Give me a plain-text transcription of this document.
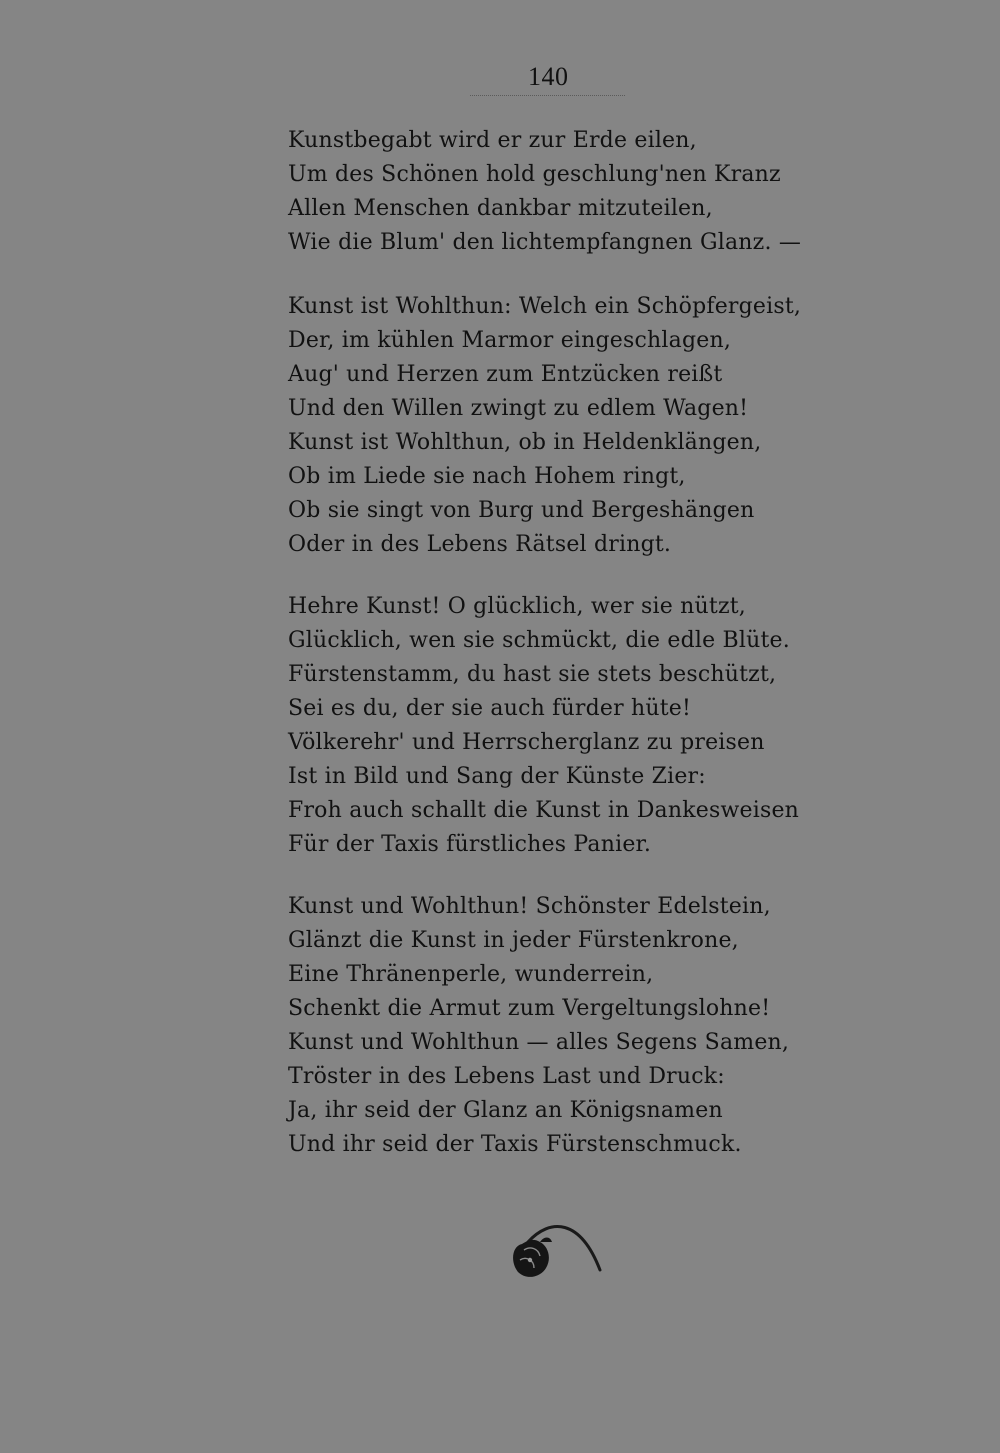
140
Kunstbegabt wird er zur Erde eilen,
Um des Schönen hold geschlung'nen Kranz
Allen Menschen dankbar mitzuteilen,
Wie die Blum' den lichtempfangnen Glanz. —
Kunst ist Wohlthun: Welch ein Schöpfergeist,
Der, im kühlen Marmor eingeschlagen,
Aug' und Herzen zum Entzücken reißt
Und den Willen zwingt zu edlem Wagen!
Kunst ist Wohlthun, ob in Heldenklängen,
Ob im Liede sie nach Hohem ringt,
Ob sie singt von Burg und Bergeshängen
Oder in des Lebens Rätsel dringt.
Hehre Kunst! O glücklich, wer sie nützt,
Glücklich, wen sie schmückt, die edle Blüte.
Fürstenstamm, du hast sie stets beschützt,
Sei es du, der sie auch fürder hüte!
Völkerehr' und Herrscherglanz zu preisen
Ist in Bild und Sang der Künste Zier:
Froh auch schallt die Kunst in Dankesweisen
Für der Taxis fürstliches Panier.
Kunst und Wohlthun! Schönster Edelstein,
Glänzt die Kunst in jeder Fürstenkrone,
Eine Thränenperle, wunderrein,
Schenkt die Armut zum Vergeltungslohne!
Kunst und Wohlthun — alles Segens Samen,
Tröster in des Lebens Last und Druck:
Ja, ihr seid der Glanz an Königsnamen
Und ihr seid der Taxis Fürstenschmuck.
